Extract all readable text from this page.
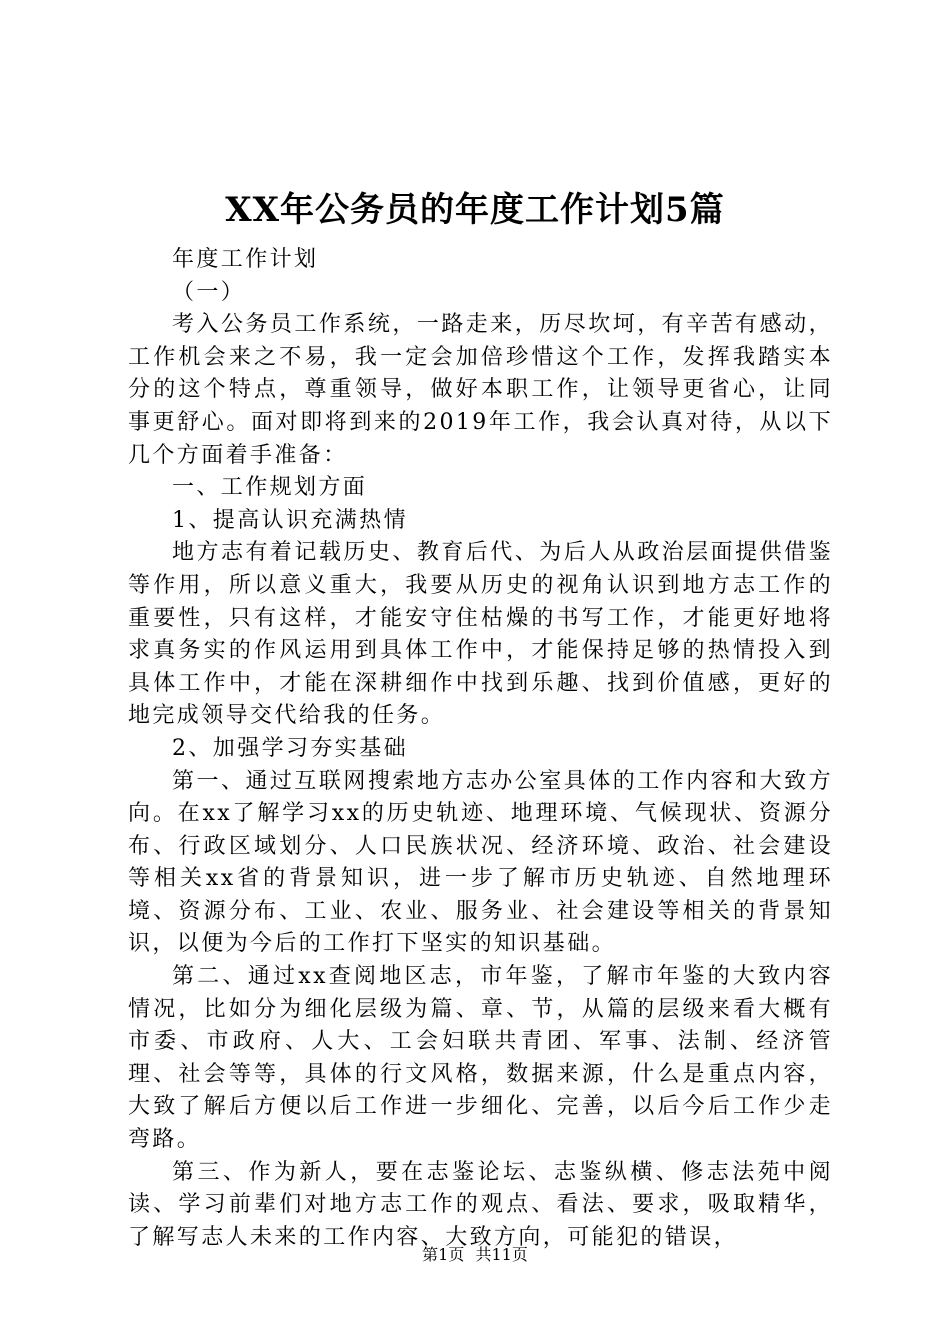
XX年公务员的年度工作计划5篇

年度工作计划

（一）

考入公务员工作系统，一路走来，历尽坎坷，有辛苦有感动，工作机会来之不易，我一定会加倍珍惜这个工作，发挥我踏实本分的这个特点，尊重领导，做好本职工作，让领导更省心，让同事更舒心。面对即将到来的2019年工作，我会认真对待，从以下几个方面着手准备：

一、工作规划方面

1、提高认识充满热情

地方志有着记载历史、教育后代、为后人从政治层面提供借鉴等作用，所以意义重大，我要从历史的视角认识到地方志工作的重要性，只有这样，才能安守住枯燥的书写工作，才能更好地将求真务实的作风运用到具体工作中，才能保持足够的热情投入到具体工作中，才能在深耕细作中找到乐趣、找到价值感，更好的地完成领导交代给我的任务。

2、加强学习夯实基础

第一、通过互联网搜索地方志办公室具体的工作内容和大致方向。在xx了解学习xx的历史轨迹、地理环境、气候现状、资源分布、行政区域划分、人口民族状况、经济环境、政治、社会建设等相关xx省的背景知识，进一步了解市历史轨迹、自然地理环境、资源分布、工业、农业、服务业、社会建设等相关的背景知识，以便为今后的工作打下坚实的知识基础。

第二、通过xx查阅地区志，市年鉴，了解市年鉴的大致内容情况，比如分为细化层级为篇、章、节，从篇的层级来看大概有市委、市政府、人大、工会妇联共青团、军事、法制、经济管理、社会等等，具体的行文风格，数据来源，什么是重点内容，大致了解后方便以后工作进一步细化、完善，以后今后工作少走弯路。

第三、作为新人，要在志鉴论坛、志鉴纵横、修志法苑中阅读、学习前辈们对地方志工作的观点、看法、要求，吸取精华，了解写志人未来的工作内容、大致方向，可能犯的错误，

第1页 共11页
